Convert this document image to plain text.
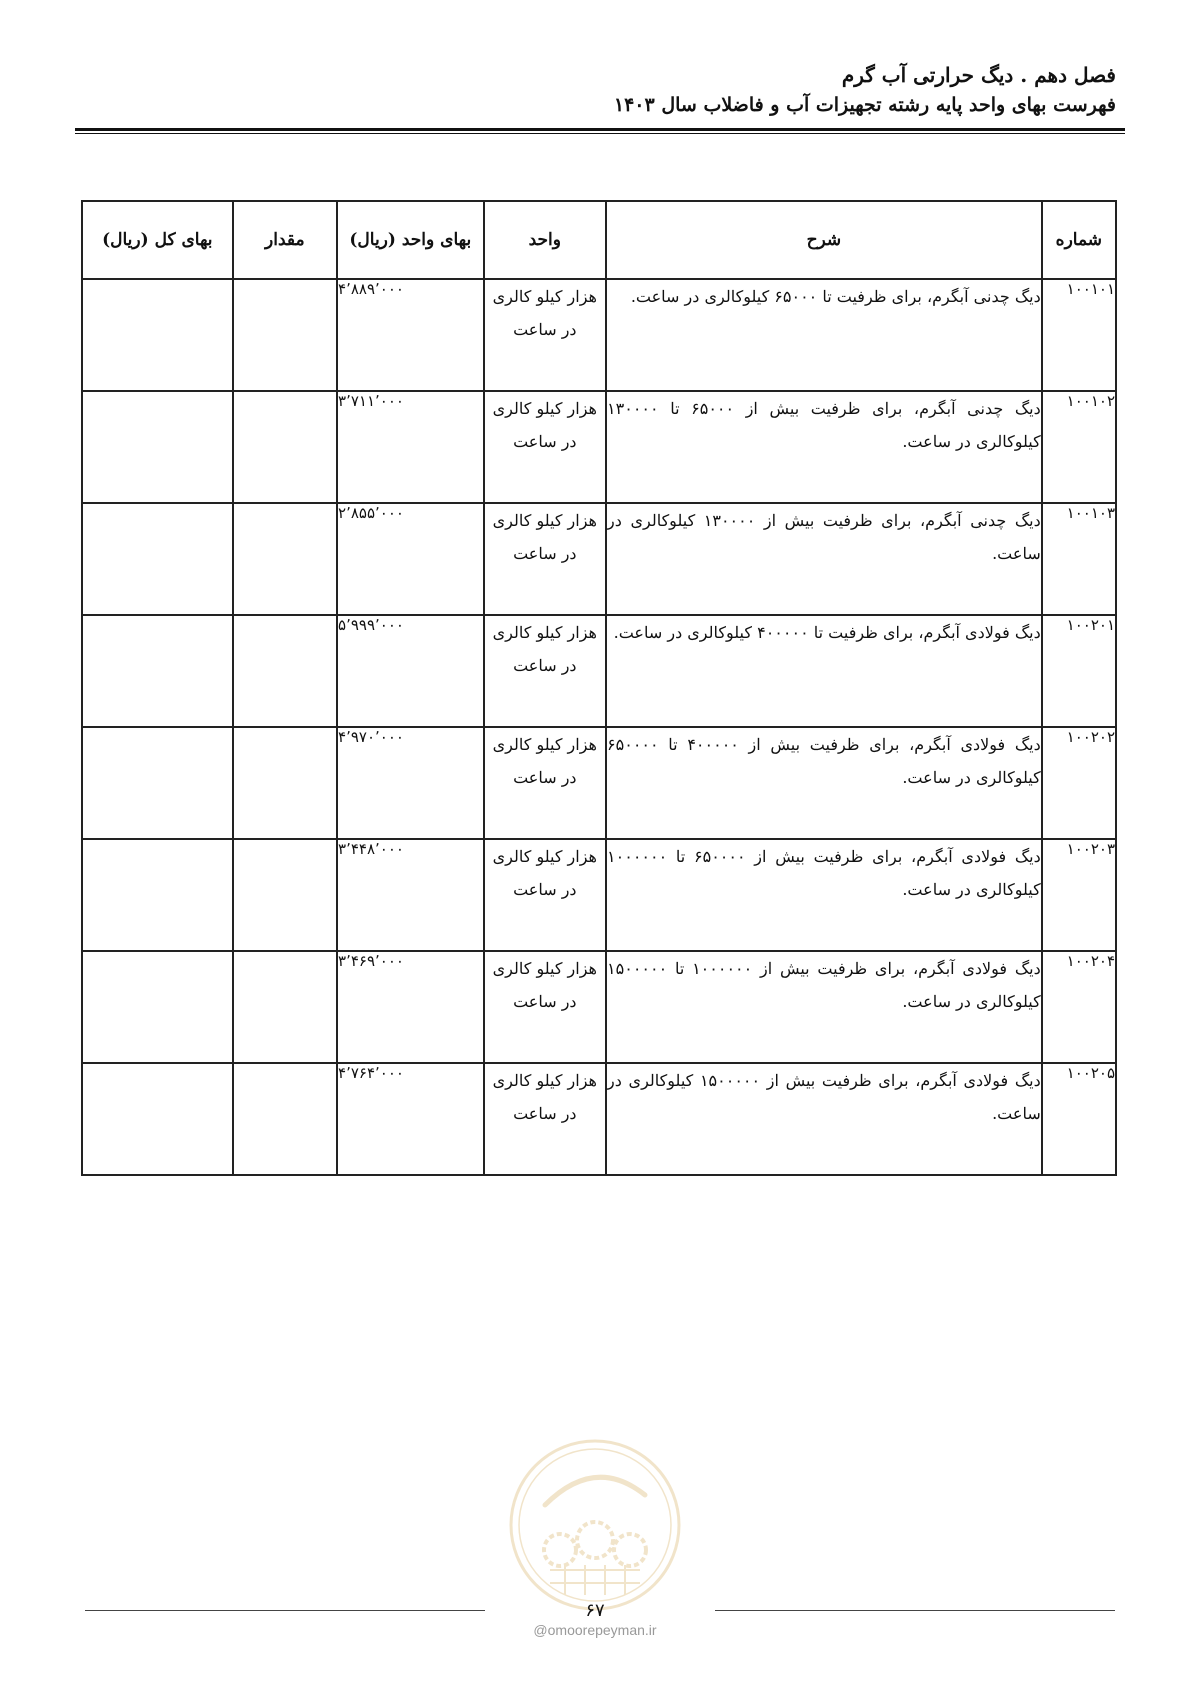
فصل دهم . دیگ حرارتی آب گرم
فهرست بهای واحد پایه رشته تجهیزات آب و فاضلاب سال ۱۴۰۳
شماره	شرح	واحد	بهای واحد (ریال)	مقدار	بهای کل (ریال)
۱۰۰۱۰۱	دیگ چدنی آبگرم، برای ظرفیت تا ۶۵۰۰۰ کیلوکالری در ساعت.	هزار کیلو کالری در ساعت	۴٬۸۸۹٬۰۰۰		
۱۰۰۱۰۲	دیگ چدنی آبگرم، برای ظرفیت بیش از ۶۵۰۰۰ تا ۱۳۰۰۰۰ کیلوکالری در ساعت.	هزار کیلو کالری در ساعت	۳٬۷۱۱٬۰۰۰		
۱۰۰۱۰۳	دیگ چدنی آبگرم، برای ظرفیت بیش از ۱۳۰۰۰۰ کیلوکالری در ساعت.	هزار کیلو کالری در ساعت	۲٬۸۵۵٬۰۰۰		
۱۰۰۲۰۱	دیگ فولادی آبگرم، برای ظرفیت تا ۴۰۰۰۰۰ کیلوکالری در ساعت.	هزار کیلو کالری در ساعت	۵٬۹۹۹٬۰۰۰		
۱۰۰۲۰۲	دیگ فولادی آبگرم، برای ظرفیت بیش از ۴۰۰۰۰۰ تا ۶۵۰۰۰۰ کیلوکالری در ساعت.	هزار کیلو کالری در ساعت	۴٬۹۷۰٬۰۰۰		
۱۰۰۲۰۳	دیگ فولادی آبگرم، برای ظرفیت بیش از ۶۵۰۰۰۰ تا ۱۰۰۰۰۰۰ کیلوکالری در ساعت.	هزار کیلو کالری در ساعت	۳٬۴۴۸٬۰۰۰		
۱۰۰۲۰۴	دیگ فولادی آبگرم، برای ظرفیت بیش از ۱۰۰۰۰۰۰ تا ۱۵۰۰۰۰۰ کیلوکالری در ساعت.	هزار کیلو کالری در ساعت	۳٬۴۶۹٬۰۰۰		
۱۰۰۲۰۵	دیگ فولادی آبگرم، برای ظرفیت بیش از ۱۵۰۰۰۰۰ کیلوکالری در ساعت.	هزار کیلو کالری در ساعت	۴٬۷۶۴٬۰۰۰		
۶۷
@omoorepeyman.ir
